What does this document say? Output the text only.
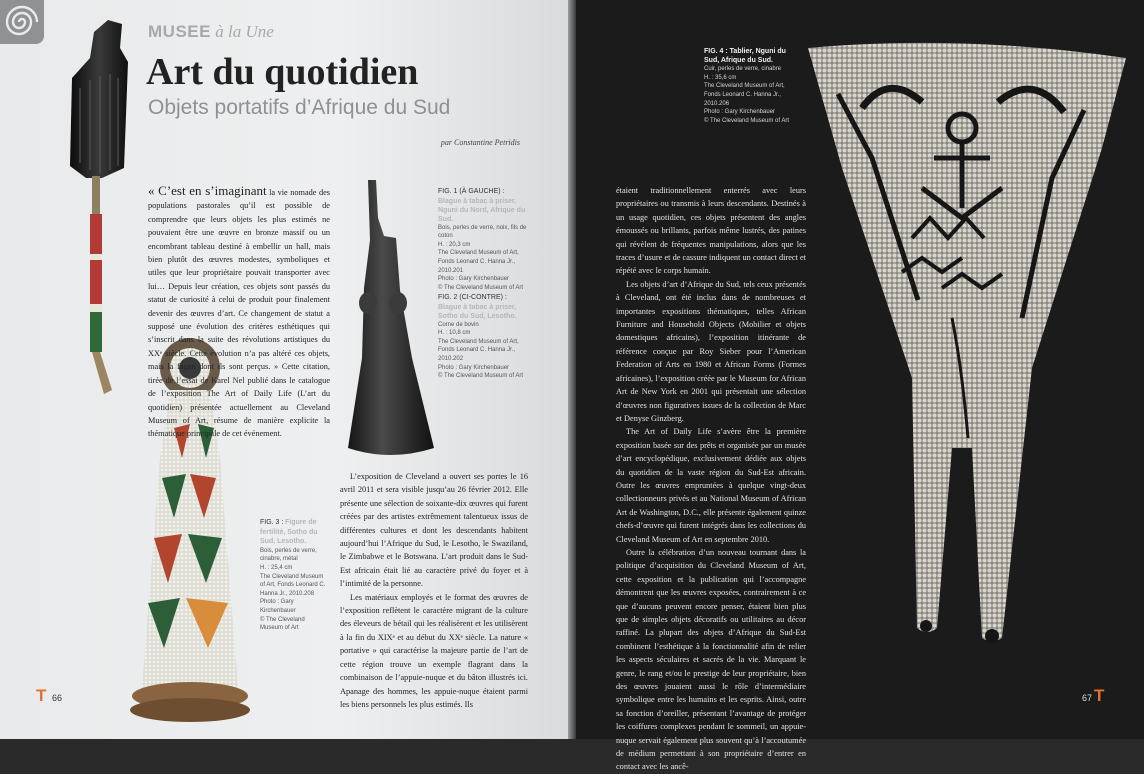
MUSEE à la Une
Art du quotidien
Objets portatifs d’Afrique du Sud
par Constantine Petridis
« C’est en s’imaginant la vie nomade des populations pastorales qu’il est possible de comprendre que leurs objets les plus estimés ne pouvaient être une œuvre en bronze massif ou un encombrant tableau destiné à embellir un hall, mais bien plutôt des œuvres modestes, symboliques et utiles que leur propriétaire pouvait transporter avec lui… Depuis leur création, ces objets sont passés du statut de curiosité à celui de produit pour finalement devenir des œuvres d’art. Ce changement de statut a supposé une évolution des critères esthétiques qui s’inscrit dans la suite des révolutions artistiques du XXᵉ siècle. Cette évolution n’a pas altéré ces objets, mais la façon dont ils sont perçus. » Cette citation, tirée de l’essai de Karel Nel publié dans le catalogue de l’exposition The Art of Daily Life (L’art du quotidien) présentée actuellement au Cleveland Museum of Art, résume de manière explicite la thématique principale de cet événement.
FIG. 1 (À GAUCHE) :
Blague à tabac à priser, Nguni du Nord, Afrique du Sud.
Bois, perles de verre, noix, fils de coton
H. : 20,3 cm
The Cleveland Museum of Art, Fonds Leonard C. Hanna Jr., 2010.201
Photo : Gary Kirchenbauer
© The Cleveland Museum of Art
FIG. 2 (CI-CONTRE) :
Blague à tabac à priser, Sotho du Sud, Lesotho.
Corne de bovin
H. : 10,8 cm
The Cleveland Museum of Art, Fonds Leonard C. Hanna Jr., 2010.202
Photo : Gary Kirchenbauer
© The Cleveland Museum of Art
FIG. 3 : Figure de fertilité, Sotho du Sud, Lesotho.
Bois, perles de verre, cinabre, métal
H. : 25,4 cm
The Cleveland Museum of Art, Fonds Leonard C. Hanna Jr., 2010.208
Photo : Gary Kirchenbauer
© The Cleveland Museum of Art

L’exposition de Cleveland a ouvert ses portes le 16 avril 2011 et sera visible jusqu’au 26 février 2012. Elle présente une sélection de soixante-dix œuvres qui furent créées par des artistes extrêmement talentueux issus de différentes cultures et dont les descendants habitent aujourd’hui l’Afrique du Sud, le Lesotho, le Swaziland, le Zimbabwe et le Botswana. L’art produit dans le Sud-Est africain était lié au caractère privé du foyer et à l’intimité de la personne.

Les matériaux employés et le format des œuvres de l’exposition reflètent le caractère migrant de la culture des éleveurs de bétail qui les réalisèrent et les utilisèrent à la fin du XIXᵉ et au début du XXᵉ siècle. La nature « portative » qui caractérise la majeure partie de l’art de cette région trouve un exemple flagrant dans la combinaison de l’appuie-nuque et du bâton illustrés ici. Apanage des hommes, les appuie-nuque étaient parmi les biens personnels les plus estimés. Ils

T 66
FIG. 4 : Tablier, Nguni du Sud, Afrique du Sud.
Cuir, perles de verre, cinabre
H. : 35,6 cm
The Cleveland Museum of Art, Fonds Leonard C. Hanna Jr., 2010.206
Photo : Gary Kirchenbauer
© The Cleveland Museum of Art

étaient traditionnellement enterrés avec leurs propriétaires ou transmis à leurs descendants. Destinés à un usage quotidien, ces objets présentent des angles émoussés ou brillants, parfois même lustrés, des patines qui révèlent de fréquentes manipulations, alors que les traces d’usure et de cassure indiquent un contact direct et répété avec le corps humain.

Les objets d’art d’Afrique du Sud, tels ceux présentés à Cleveland, ont été inclus dans de nombreuses et importantes expositions thématiques, telles African Furniture and Household Objects (Mobilier et objets domestiques africains), l’exposition itinérante de référence conçue par Roy Sieber pour l’American Federation of Arts en 1980 et African Forms (Formes africaines), l’exposition créée par le Museum for African Art de New York en 2001 qui présentait une sélection d’œuvres non figuratives issues de la collection de Marc et Denyse Ginzberg.

The Art of Daily Life s’avère être la première exposition basée sur des prêts et organisée par un musée d’art encyclopédique, exclusivement dédiée aux objets du quotidien de la vaste région du Sud-Est africain. Outre les œuvres empruntées à quelque vingt-deux collectionneurs privés et au National Museum of African Art de Washington, D.C., elle présente également quinze chefs-d’œuvre qui furent intégrés dans les collections du Cleveland Museum of Art en septembre 2010.

Outre la célébration d’un nouveau tournant dans la politique d’acquisition du Cleveland Museum of Art, cette exposition et la publication qui l’accompagne démontrent que les œuvres exposées, contrairement à ce que d’aucuns peuvent encore penser, étaient bien plus que de simples objets décoratifs ou utilitaires au décor raffiné. La plupart des objets d’Afrique du Sud-Est combinent l’esthétique à la fonctionnalité afin de relier les aspects séculaires et sacrés de la vie. Marquant le genre, le rang et/ou le prestige de leur propriétaire, bien des œuvres jouaient aussi le rôle d’intermédiaire symbolique entre les humains et les esprits. Ainsi, outre sa fonction d’oreiller, présentant l’avantage de protéger les coiffures complexes pendant le sommeil, un appuie-nuque servait également plus souvent qu’à l’accoutumée de médium permettant à son propriétaire d’entrer en contact avec les ancê-

67 T
